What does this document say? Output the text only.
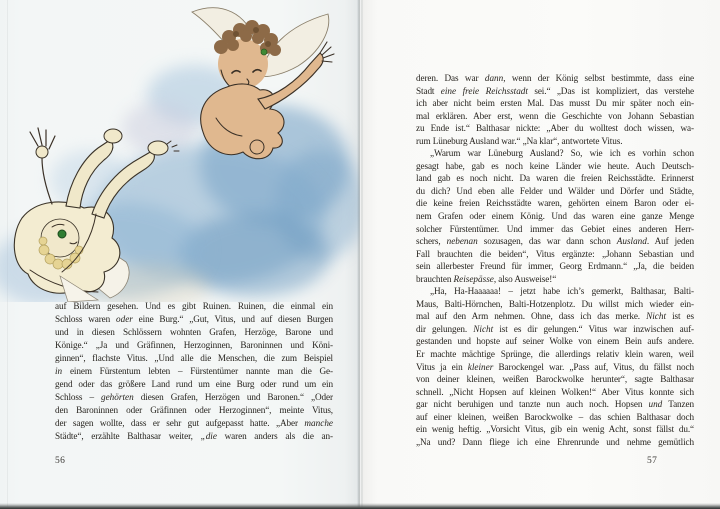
auf Bildern gesehen. Und es gibt Ruinen. Ruinen, die einmal ein
Schloss waren oder eine Burg.“ „Gut, Vitus, und auf diesen Burgen
und in diesen Schlössern wohnten Grafen, Herzöge, Barone und
Könige.“ „Ja und Gräfinnen, Herzoginnen, Baroninnen und Köni-
ginnen“, flachste Vitus. „Und alle die Menschen, die zum Beispiel
in einem Fürstentum lebten – Fürstentümer nannte man die Ge-
gend oder das größere Land rund um eine Burg oder rund um ein
Schloss – gehörten diesen Grafen, Herzögen und Baronen.“ „Oder
den Baroninnen oder Gräfinnen oder Herzoginnen“, meinte Vitus,
der sagen wollte, dass er sehr gut aufgepasst hatte. „Aber manche
Städte“, erzählte Balthasar weiter, „die waren anders als die an-
56
deren. Das war dann, wenn der König selbst bestimmte, dass eine
Stadt eine freie Reichsstadt sei.“ „Das ist kompliziert, das verstehe
ich aber nicht beim ersten Mal. Das musst Du mir später noch ein-
mal erklären. Aber erst, wenn die Geschichte von Johann Sebastian
zu Ende ist.“ Balthasar nickte: „Aber du wolltest doch wissen, wa-
rum Lüneburg Ausland war.“ „Na klar“, antwortete Vitus.
„Warum war Lüneburg Ausland? So, wie ich es vorhin schon
gesagt habe, gab es noch keine Länder wie heute. Auch Deutsch-
land gab es noch nicht. Da waren die freien Reichsstädte. Erinnerst
du dich? Und eben alle Felder und Wälder und Dörfer und Städte,
die keine freien Reichsstädte waren, gehörten einem Baron oder ei-
nem Grafen oder einem König. Und das waren eine ganze Menge
solcher Fürstentümer. Und immer das Gebiet eines anderen Herr-
schers, nebenan sozusagen, das war dann schon Ausland. Auf jeden
Fall brauchten die beiden“, Vitus ergänzte: „Johann Sebastian und
sein allerbester Freund für immer, Georg Erdmann.“ „Ja, die beiden
brauchten Reisepässe, also Ausweise!“
„Ha, Ha-Haaaaaa! – jetzt habe ich’s gemerkt, Balthasar, Balti-
Maus, Balti-Hörnchen, Balti-Hotzenplotz. Du willst mich wieder ein-
mal auf den Arm nehmen. Ohne, dass ich das merke. Nicht ist es
dir gelungen. Nicht ist es dir gelungen.“ Vitus war inzwischen auf-
gestanden und hopste auf seiner Wolke von einem Bein aufs andere.
Er machte mächtige Sprünge, die allerdings relativ klein waren, weil
Vitus ja ein kleiner Barockengel war. „Pass auf, Vitus, du fällst noch
von deiner kleinen, weißen Barockwolke herunter“, sagte Balthasar
schnell. „Nicht Hopsen auf kleinen Wolken!“ Aber Vitus konnte sich
gar nicht beruhigen und tanzte nun auch noch. Hopsen und Tanzen
auf einer kleinen, weißen Barockwolke – das schien Balthasar doch
ein wenig heftig. „Vorsicht Vitus, gib ein wenig Acht, sonst fällst du.“
„Na und? Dann fliege ich eine Ehrenrunde und nehme gemütlich
57
